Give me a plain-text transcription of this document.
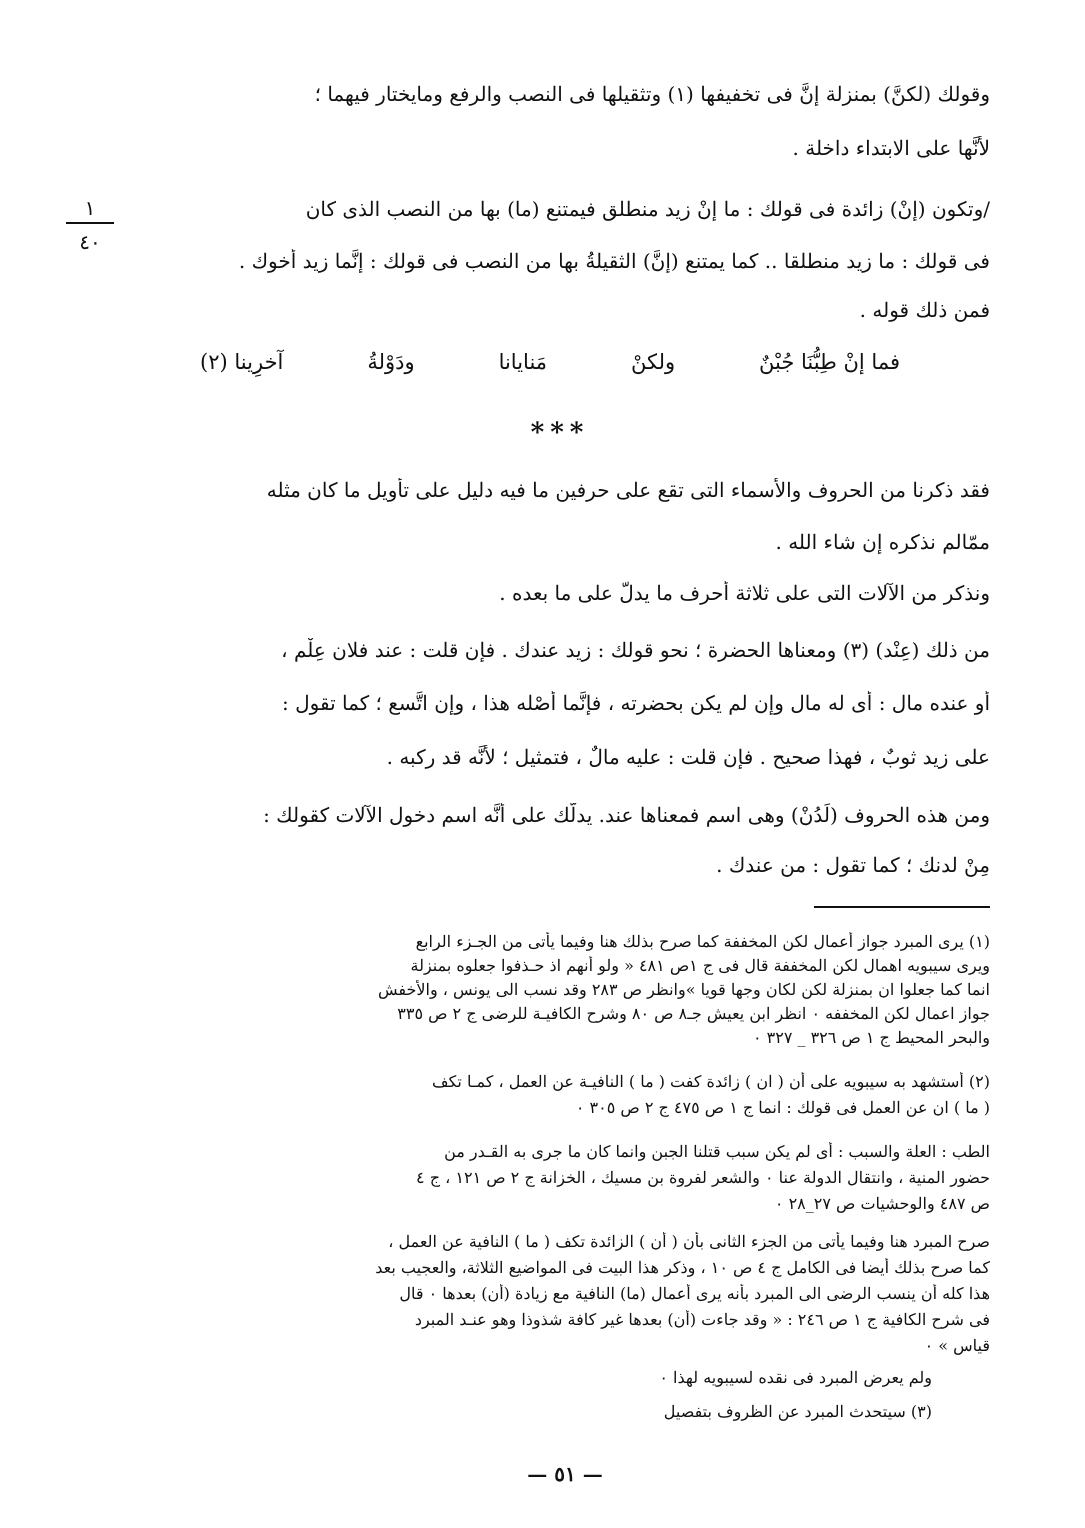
وقولك (لكنَّ) بمنزلة إنَّ فى تخفيفها (١) وتثقيلها فى النصب والرفع ومايختار فيهما ؛
لأنَّها على الابتداء داخلة .
/وتكون (إنْ) زائدة فى قولك : ما إنْ زيد منطلق فيمتنع (ما) بها من النصب الذى كان
فى قولك : ما زيد منطلقا .. كما يمتنع (إنَّ) الثقيلةُ بها من النصب فى قولك : إنَّما زيد أخوك .
فمن ذلك قوله .
فقد ذكرنا من الحروف والأسماء التى تقع على حرفين ما فيه دليل على تأويل ما كان مثله
ممّالم نذكره إن شاء الله .
ونذكر من الآلات التى على ثلاثة أحرف ما يدلّ على ما بعده .
من ذلك (عِنْد) (٣) ومعناها الحضرة ؛ نحو قولك : زيد عندك . فإن قلت : عند فلان عِلْم ،
أو عنده مال : أى له مال وإن لم يكن بحضرته ، فإنَّما أصْله هذا ، وإن اتَّسع ؛ كما تقول :
على زيد ثوبٌ ، فهذا صحيح . فإن قلت : عليه مالٌ ، فتمثيل ؛ لأنَّه قد ركبه .
ومن هذه الحروف (لَدُنْ) وهى اسم فمعناها عند. يدلُّك على أنَّه اسم دخول الآلات كقولك :
مِنْ لدنك ؛ كما تقول : من عندك .
١
٤٠
فما إنْ طِبُّنَا جُبْنٌ
ولكنْ
مَنايانا
ودَوْلةُ
آخرِينا (٢)
***
(١) يرى المبرد جواز أعمال لكن المخففة كما صرح بذلك هنا وفيما يأتى من الجـزء الرابع
ويرى سيبويه اهمال لكن المخففة قال فى ج ١ص ٤٨١ « ولو أنهم اذ حـذفوا جعلوه بمنزلة
انما كما جعلوا ان بمنزلة لكن لكان وجها قويا »وانظر ص ٢٨٣ وقد نسب الى يونس ، والأخفش
جواز اعمال لكن المخففه ٠ انظر ابن يعيش جـ٨ ص ٨٠ وشرح الكافيـة للرضى ج ٢ ص ٣٣٥
والبحر المحيط ج ١ ص ٣٢٦ _ ٣٢٧ ٠
(٢) أستشهد به سيبويه على أن ( ان ) زائدة كفت ( ما ) النافيـة عن العمل ، كمـا تكف
( ما ) ان عن العمل فى قولك : انما ج ١ ص ٤٧٥ ج ٢ ص ٣٠٥ ٠
الطب : العلة والسبب : أى لم يكن سبب قتلنا الجبن وانما كان ما جرى به القـدر من
حضور المنية ، وانتقال الدولة عنا ٠ والشعر لفروة بن مسيك ، الخزانة ج ٢ ص ١٢١ ، ج ٤
ص ٤٨٧ والوحشيات ص ٢٧_٢٨ ٠
صرح المبرد هنا وفيما يأتى من الجزء الثانى بأن ( أن ) الزائدة تكف ( ما ) النافية عن العمل ،
كما صرح بذلك أيضا فى الكامل ج ٤ ص ١٠ ، وذكر هذا البيت فى المواضيع الثلاثة، والعجيب بعد
هذا كله أن ينسب الرضى الى المبرد بأنه يرى أعمال (ما) النافية مع زيادة (أن) بعدها ٠ قال
فى شرح الكافية ج ١ ص ٢٤٦ : « وقد جاءت (أن) بعدها غير كافة شذوذا وهو عنـد المبرد
قياس » ٠
ولم يعرض المبرد فى نقده لسيبويه لهذا ٠
(٣) سيتحدث المبرد عن الظروف بتفصيل
— ٥١ —
